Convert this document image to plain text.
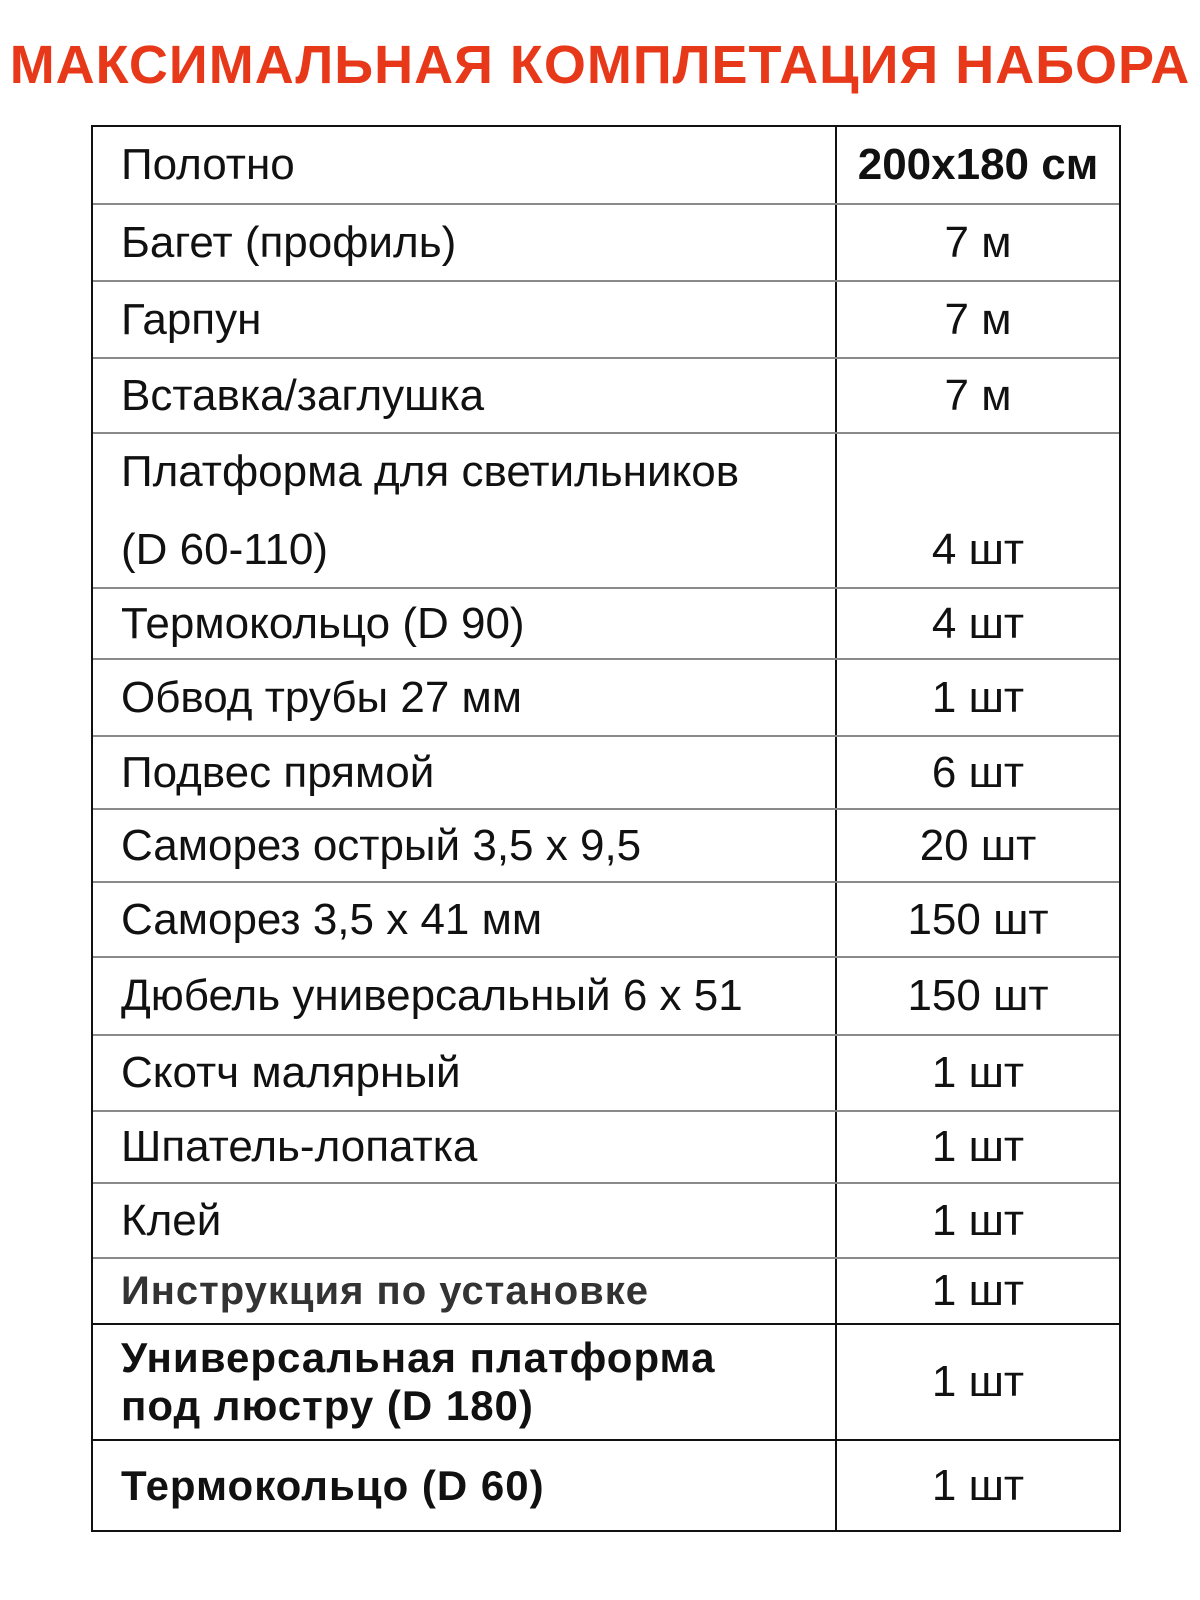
МАКСИМАЛЬНАЯ КОМПЛЕТАЦИЯ НАБОРА
Полотно	200x180 см
Багет (профиль)	7 м
Гарпун	7 м
Вставка/заглушка	7 м
Платформа для светильников
(D 60-110)	4 шт
Термокольцо (D 90)	4 шт
Обвод трубы 27 мм	1 шт
Подвес прямой	6 шт
Саморез острый 3,5 х 9,5	20 шт
Саморез 3,5 х 41 мм	150 шт
Дюбель универсальный 6 х 51	150 шт
Скотч малярный	1 шт
Шпатель-лопатка	1 шт
Клей	1 шт
Инструкция по установке	1 шт
Универсальная платформа
под люстру (D 180)	1 шт
Термокольцо (D 60)	1 шт
